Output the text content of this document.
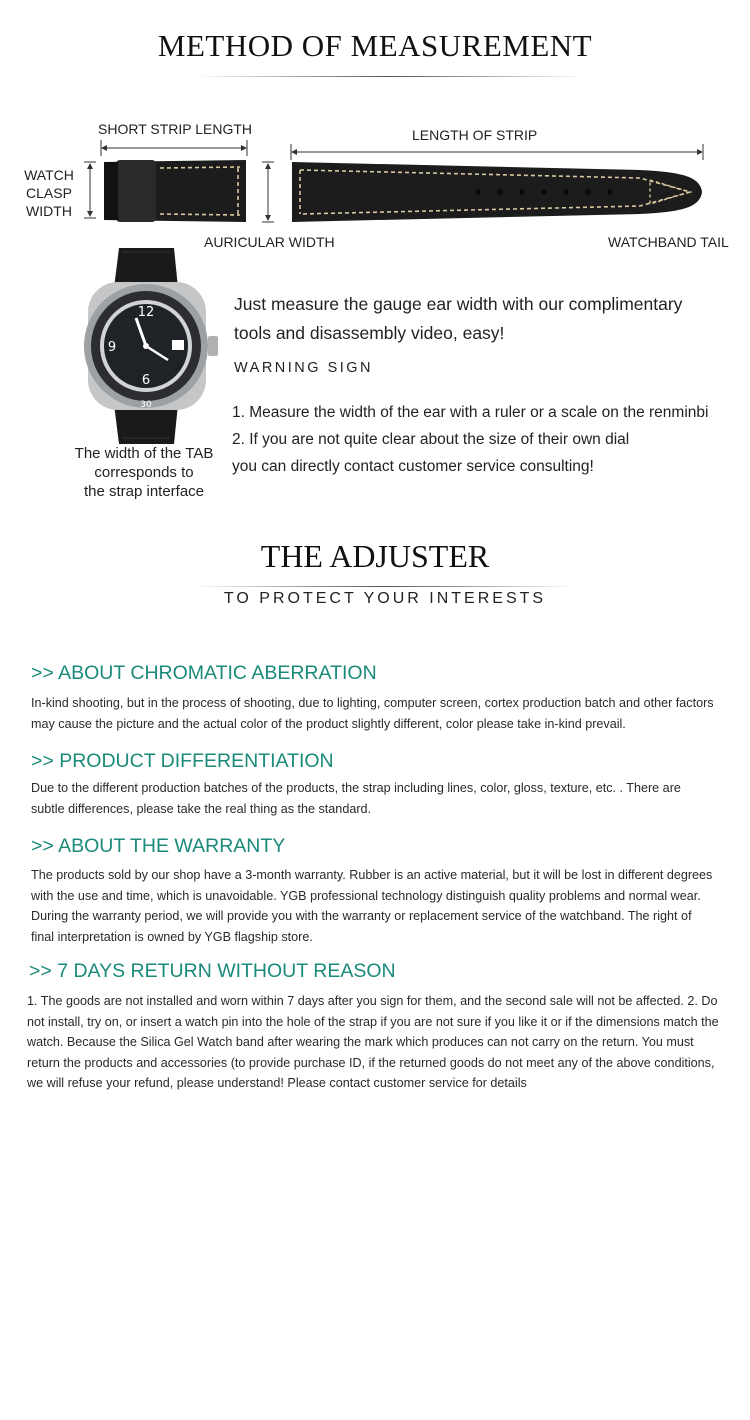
METHOD OF MEASUREMENT
SHORT STRIP LENGTH	LENGTH OF STRIP
WATCH
CLASP
WIDTH
AURICULAR WIDTH	WATCHBAND TAIL
12
9
6
30
The width of the TAB
corresponds to
the strap interface
Just measure the gauge ear width with our complimentary
tools and disassembly video, easy!
WARNING SIGN
1. Measure the width of the ear with a ruler or a scale on the renminbi
2. If you are not quite clear about the size of their own dial
you can directly contact customer service consulting!
THE ADJUSTER
TO PROTECT YOUR INTERESTS
>> ABOUT CHROMATIC ABERRATION
In-kind shooting, but in the process of shooting, due to lighting, computer screen, cortex production batch and other factors
may cause the picture and the actual color of the product slightly different, color please take in-kind prevail.
>> PRODUCT DIFFERENTIATION
Due to the different production batches of the products, the strap including lines, color, gloss, texture, etc. . There are
subtle differences, please take the real thing as the standard.
>> ABOUT THE WARRANTY
The products sold by our shop have a 3-month warranty. Rubber is an active material, but it will be lost in different degrees
with the use and time, which is unavoidable. YGB professional technology distinguish quality problems and normal wear.
During the warranty period, we will provide you with the warranty or replacement service of the watchband. The right of
final interpretation is owned by YGB flagship store.
>> 7 DAYS RETURN WITHOUT REASON
1. The goods are not installed and worn within 7 days after you sign for them, and the second sale will not be affected. 2. Do
not install, try on, or insert a watch pin into the hole of the strap if you are not sure if you like it or if the dimensions match the
watch. Because the Silica Gel Watch band after wearing the mark which produces can not carry on the return. You must
return the products and accessories (to provide purchase ID, if the returned goods do not meet any of the above conditions,
we will refuse your refund, please understand! Please contact customer service for details
